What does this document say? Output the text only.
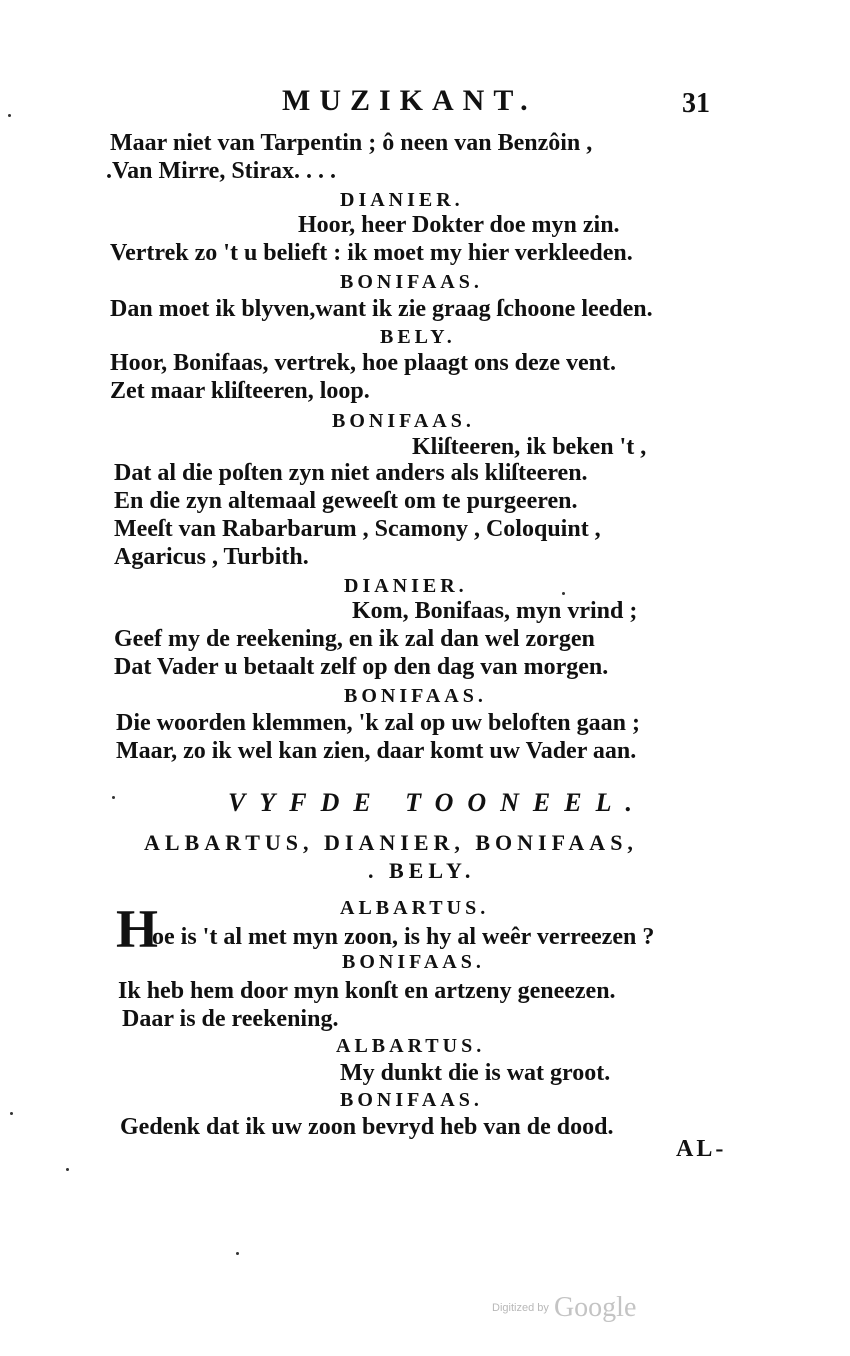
MUZIKANT.	31
Maar niet van Tarpentin ; ô neen van Benzôin ,
.Van Mirre, Stirax. . . .
DIANIER.
Hoor, heer Dokter doe myn zin.
Vertrek zo 't u belieft : ik moet my hier verkleeden.
BONIFAAS.
Dan moet ik blyven,want ik zie graag ſchoone leeden.
BELY.
Hoor, Bonifaas, vertrek, hoe plaagt ons deze vent.
Zet maar kliſteeren, loop.
BONIFAAS.
Kliſteeren, ik beken 't ,
Dat al die poſten zyn niet anders als kliſteeren.
En die zyn altemaal geweeſt om te purgeeren.
Meeſt van Rabarbarum , Scamony , Coloquint ,
Agaricus , Turbith.
DIANIER.
Kom, Bonifaas, myn vrind ;
Geef my de reekening, en ik zal dan wel zorgen
Dat Vader u betaalt zelf op den dag van morgen.
BONIFAAS.
Die woorden klemmen, 'k zal op uw beloften gaan ;
Maar, zo ik wel kan zien, daar komt uw Vader aan.
VYFDE TOONEEL.
ALBARTUS, DIANIER, BONIFAAS,
. BELY.
ALBARTUS.
H
oe is 't al met myn zoon, is hy al weêr verreezen ?
BONIFAAS.
Ik heb hem door myn konſt en artzeny geneezen.
Daar is de reekening.
ALBARTUS.
My dunkt die is wat groot.
BONIFAAS.
Gedenk dat ik uw zoon bevryd heb van de dood.
AL-
Digitized by Google
